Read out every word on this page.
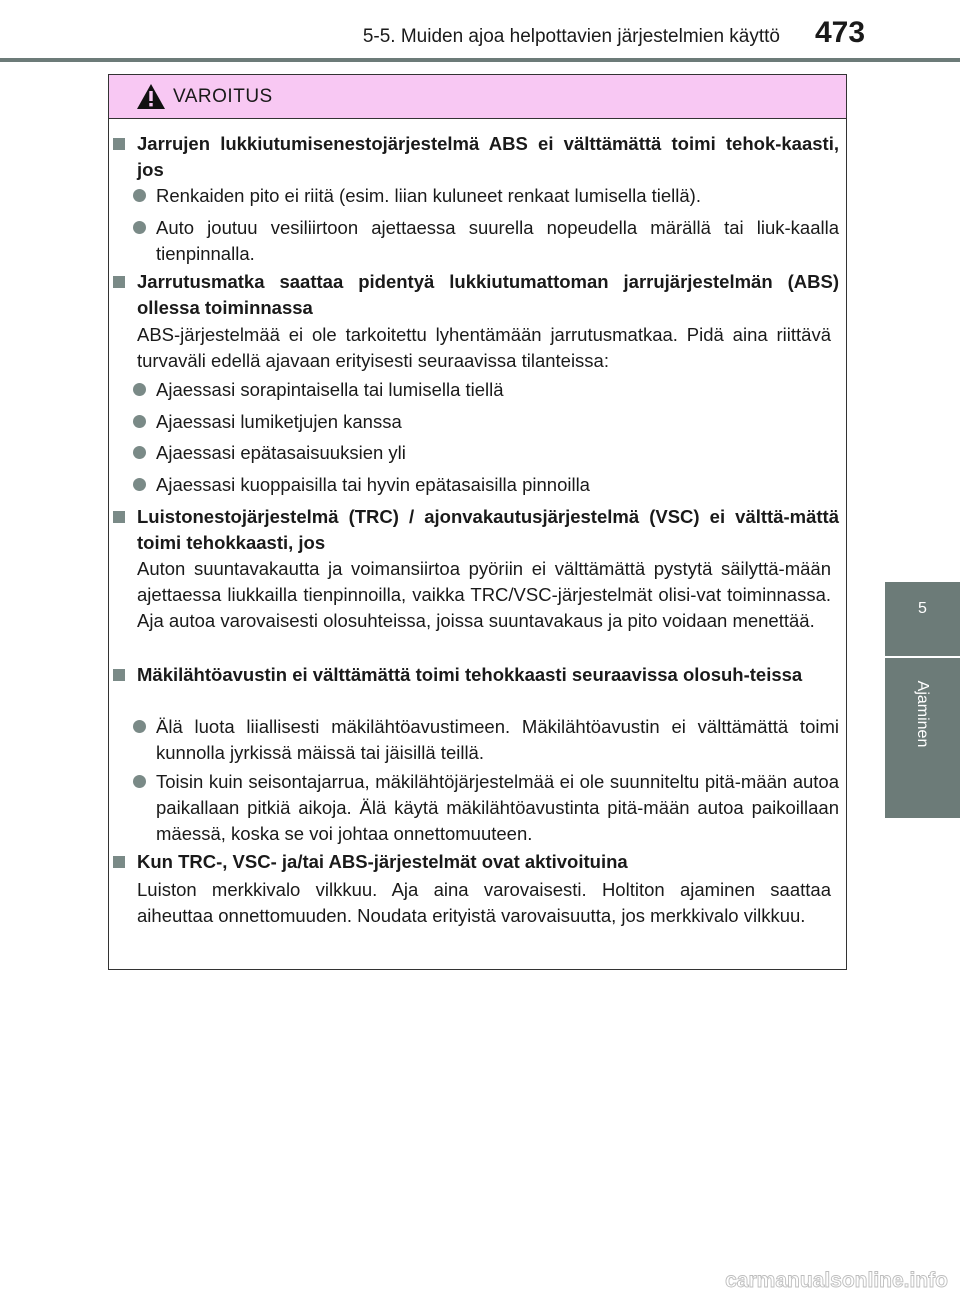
5-5. Muiden ajoa helpottavien järjestelmien käyttö	473
5
Ajaminen
VAROITUS
Jarrujen lukkiutumisenestojärjestelmä ABS ei välttämättä toimi tehok-kaasti, jos
Renkaiden pito ei riitä (esim. liian kuluneet renkaat lumisella tiellä).
Auto joutuu vesiliirtoon ajettaessa suurella nopeudella märällä tai liuk-kaalla tienpinnalla.
Jarrutusmatka saattaa pidentyä lukkiutumattoman jarrujärjestelmän (ABS) ollessa toiminnassa
ABS-järjestelmää ei ole tarkoitettu lyhentämään jarrutusmatkaa. Pidä aina riittävä turvaväli edellä ajavaan erityisesti seuraavissa tilanteissa:
Ajaessasi sorapintaisella tai lumisella tiellä
Ajaessasi lumiketjujen kanssa
Ajaessasi epätasaisuuksien yli
Ajaessasi kuoppaisilla tai hyvin epätasaisilla pinnoilla
Luistonestojärjestelmä (TRC) / ajonvakautusjärjestelmä (VSC) ei välttä-mättä toimi tehokkaasti, jos
Auton suuntavakautta ja voimansiirtoa pyöriin ei välttämättä pystytä säilyttä-mään ajettaessa liukkailla tienpinnoilla, vaikka TRC/VSC-järjestelmät olisi-vat toiminnassa. Aja autoa varovaisesti olosuhteissa, joissa suuntavakaus ja pito voidaan menettää.
Mäkilähtöavustin ei välttämättä toimi tehokkaasti seuraavissa olosuh-teissa
Älä luota liiallisesti mäkilähtöavustimeen. Mäkilähtöavustin ei välttämättä toimi kunnolla jyrkissä mäissä tai jäisillä teillä.
Toisin kuin seisontajarrua, mäkilähtöjärjestelmää ei ole suunniteltu pitä-mään autoa paikallaan pitkiä aikoja. Älä käytä mäkilähtöavustinta pitä-mään autoa paikoillaan mäessä, koska se voi johtaa onnettomuuteen.
Kun TRC-, VSC- ja/tai ABS-järjestelmät ovat aktivoituina
Luiston merkkivalo vilkkuu. Aja aina varovaisesti. Holtiton ajaminen saattaa aiheuttaa onnettomuuden. Noudata erityistä varovaisuutta, jos merkkivalo vilkkuu.
carmanualsonline.info
